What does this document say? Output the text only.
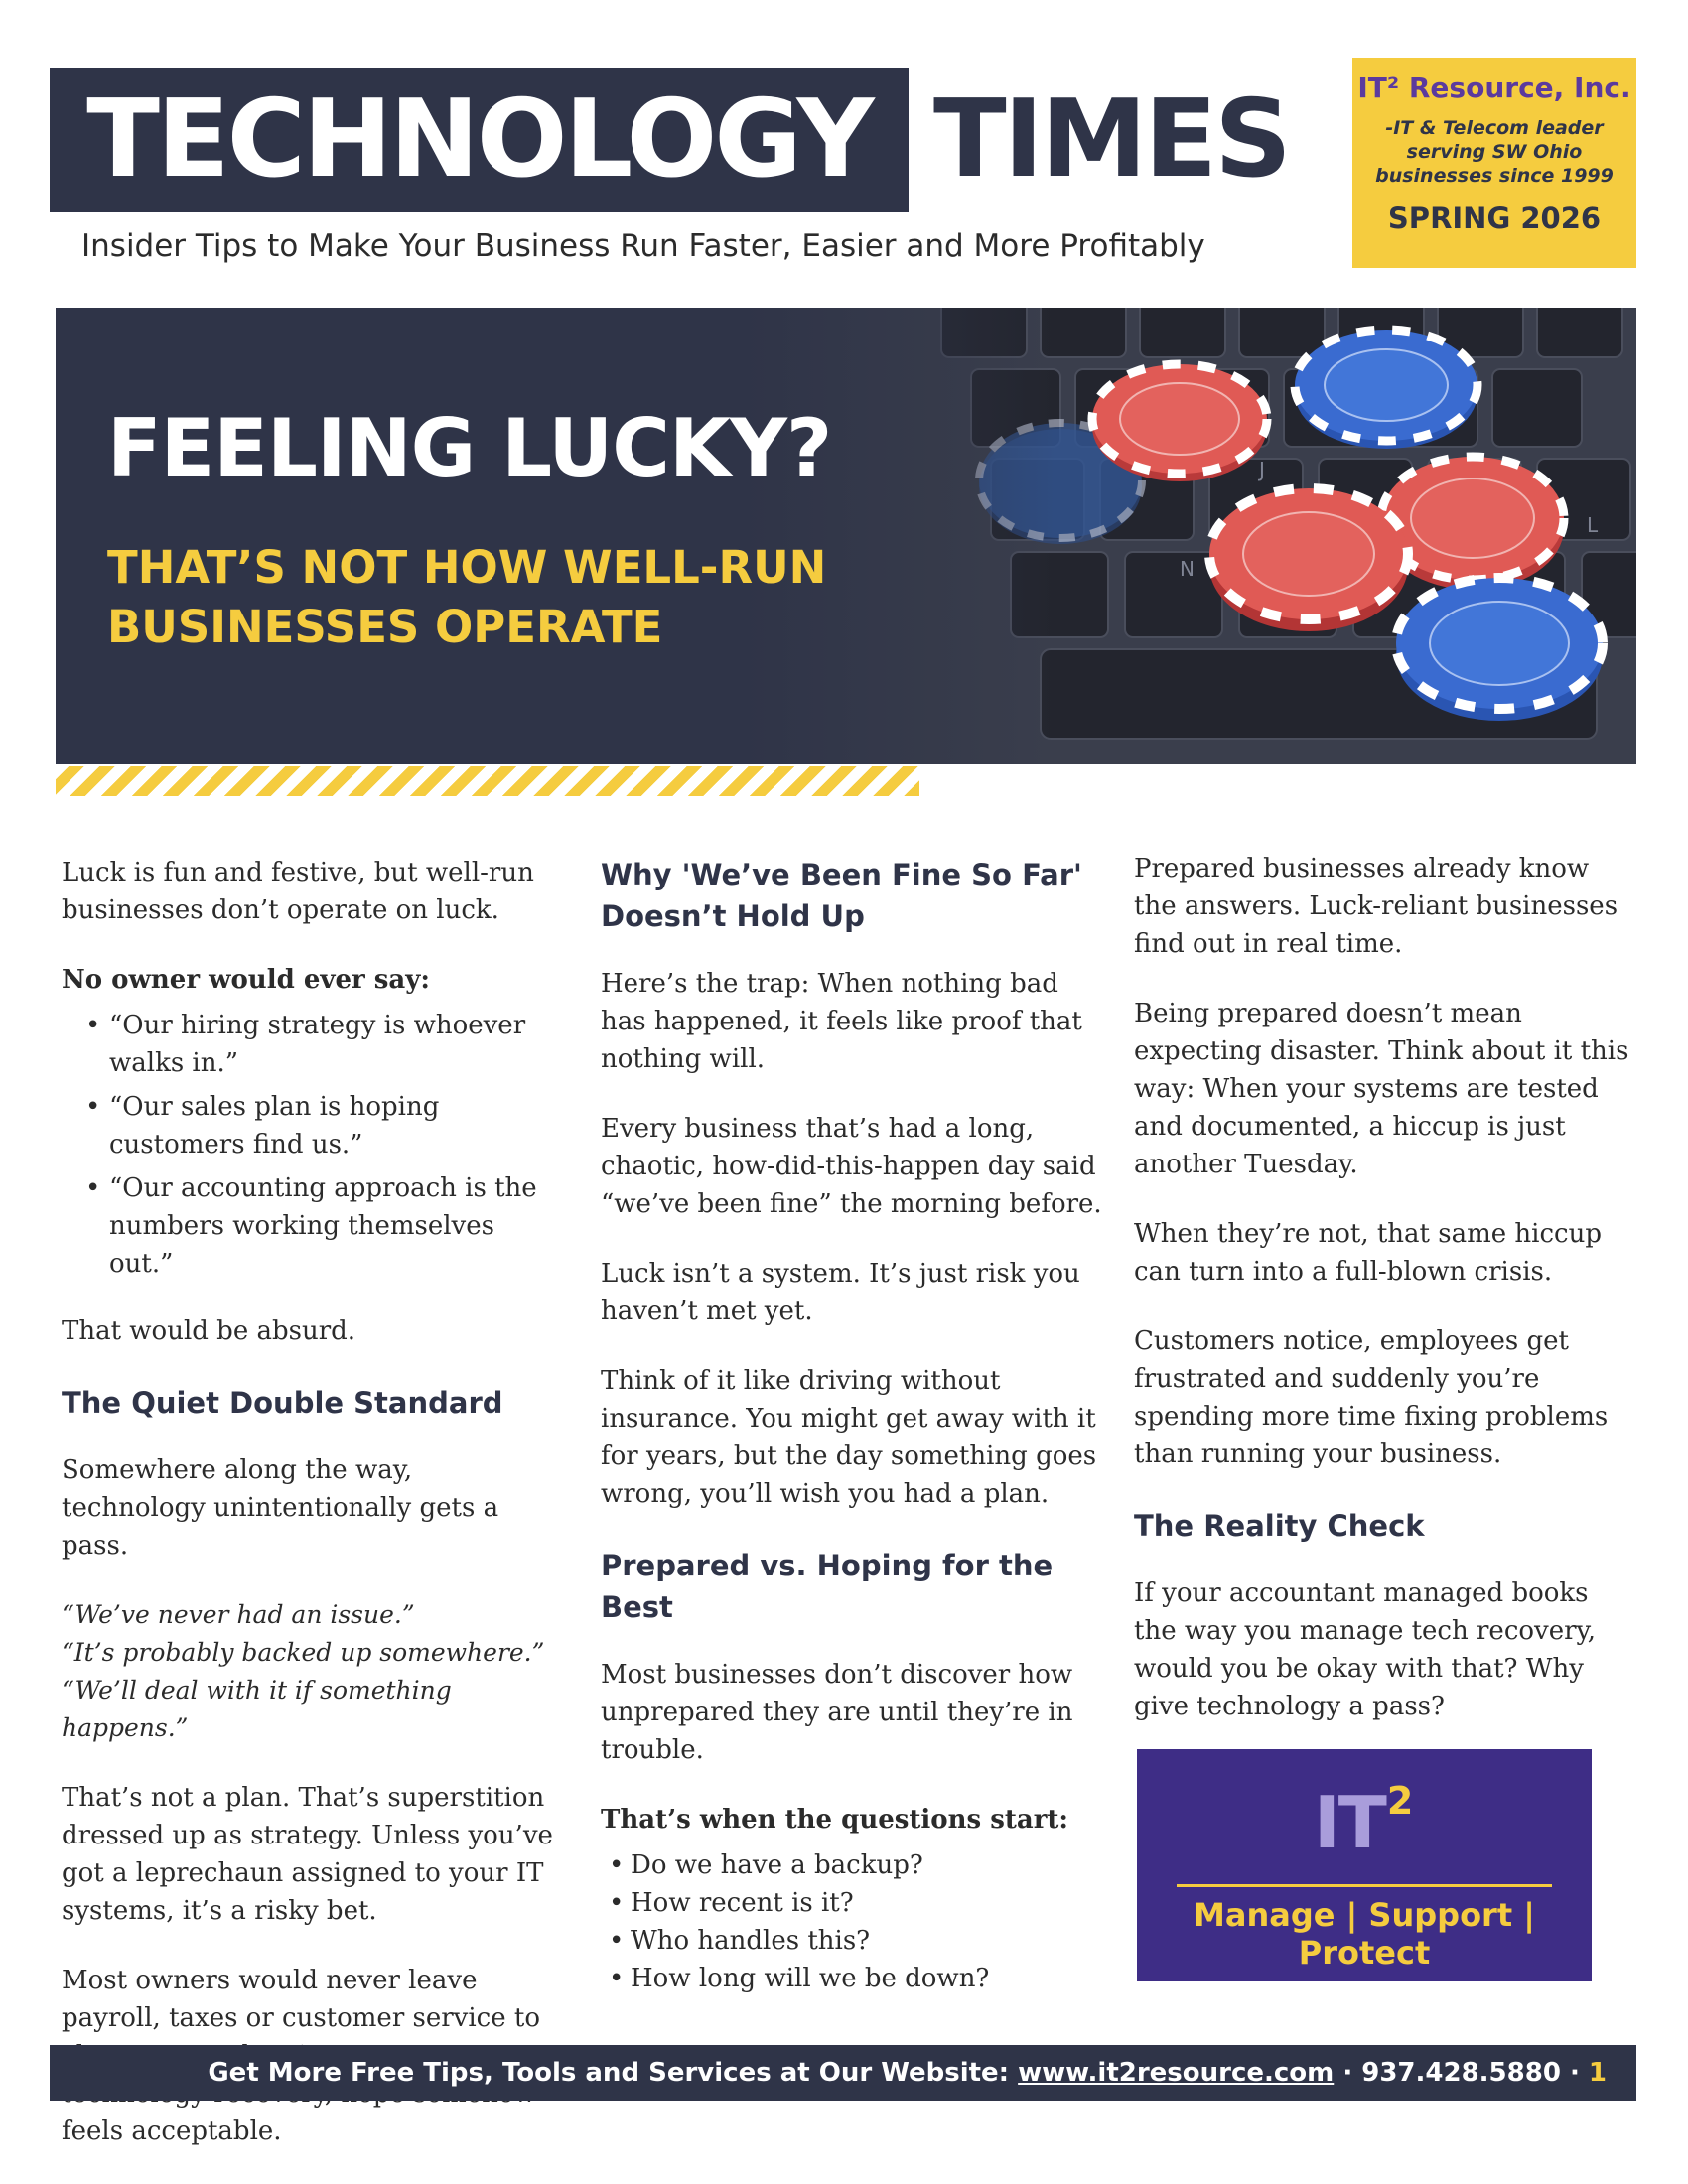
TECHNOLOGY TIMES
Insider Tips to Make Your Business Run Faster, Easier and More Profitably
IT² Resource, Inc.
-IT & Telecom leader serving SW Ohio businesses since 1999
SPRING 2026
FEELING LUCKY?
THAT’S NOT HOW WELL-RUN BUSINESSES OPERATE

Luck is fun and festive, but well-run businesses don’t operate on luck.

No owner would ever say:

• “Our hiring strategy is whoever walks in.”
• “Our sales plan is hoping customers find us.”
• “Our accounting approach is the numbers working themselves out.”

That would be absurd.

The Quiet Double Standard

Somewhere along the way, technology unintentionally gets a pass.

“We’ve never had an issue.”
“It’s probably backed up somewhere.”
“We’ll deal with it if something happens.”

That’s not a plan. That’s superstition dressed up as strategy. Unless you’ve got a leprechaun assigned to your IT systems, it’s a risky bet.

Most owners would never leave payroll, taxes or customer service to feels acceptable.

Why 'We’ve Been Fine So Far' Doesn’t Hold Up

Here’s the trap: When nothing bad has happened, it feels like proof that nothing will.

Every business that’s had a long, chaotic, how-did-this-happen day said “we’ve been fine” the morning before.

Luck isn’t a system. It’s just risk you haven’t met yet.

Think of it like driving without insurance. You might get away with it for years, but the day something goes wrong, you’ll wish you had a plan.

Prepared vs. Hoping for the Best

Most businesses don’t discover how unprepared they are until they’re in trouble.

That’s when the questions start:

• Do we have a backup?
• How recent is it?
• Who handles this?
• How long will we be down?

Prepared businesses already know the answers. Luck-reliant businesses find out in real time.

Being prepared doesn’t mean expecting disaster. Think about it this way: When your systems are tested and documented, a hiccup is just another Tuesday.

When they’re not, that same hiccup can turn into a full-blown crisis.

Customers notice, employees get frustrated and suddenly you’re spending more time fixing problems than running your business.

The Reality Check

If your accountant managed books the way you manage tech recovery, would you be okay with that? Why give technology a pass?

$IT^2$
Manage | Support | Protect
Get More Free Tips, Tools and Services at Our Website: www.it2resource.com · 937.428.5880 · 1
